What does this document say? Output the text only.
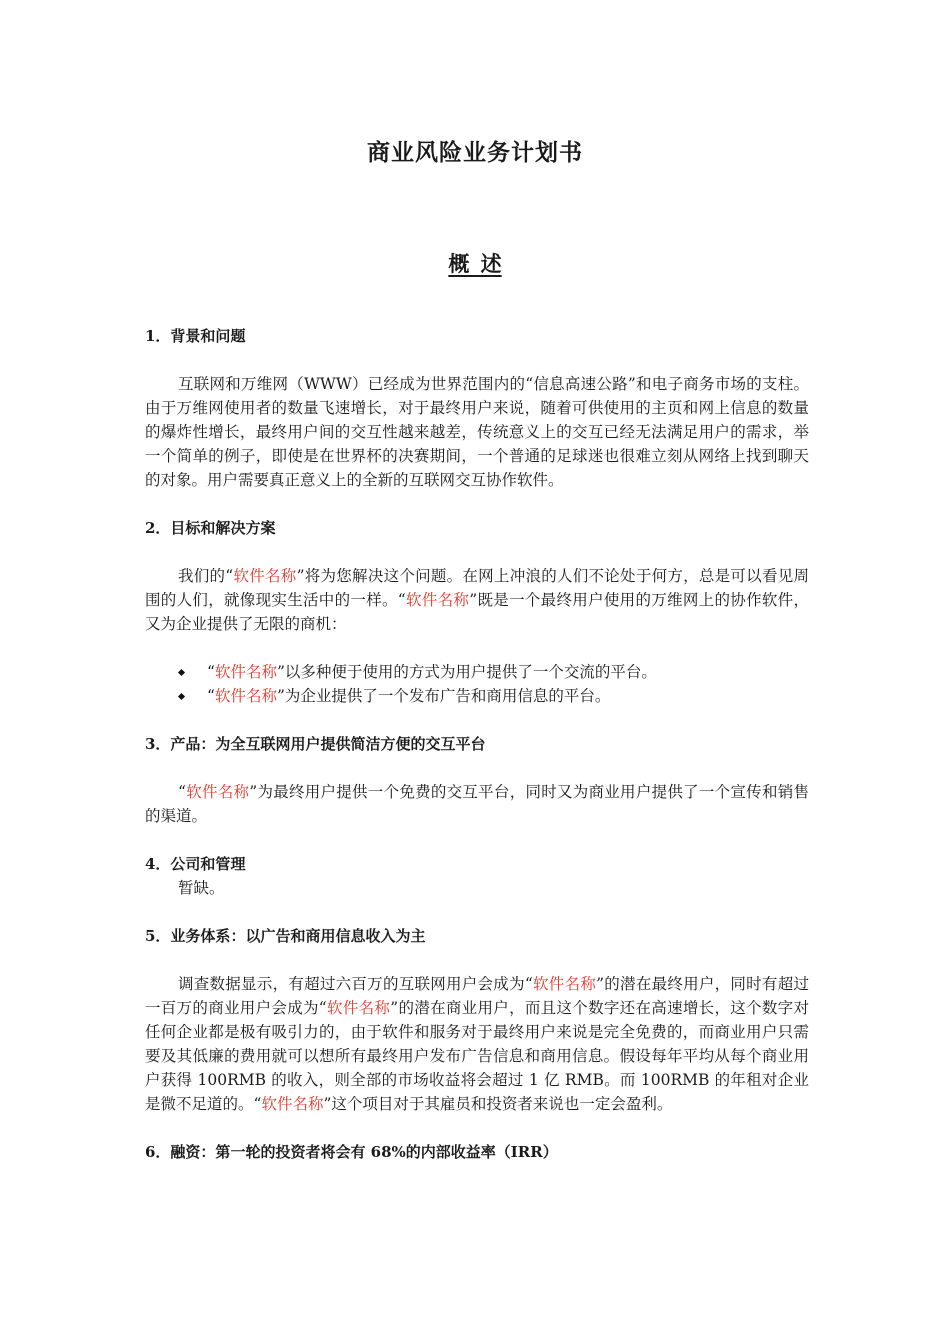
商业风险业务计划书
概 述
1．背景和问题
互联网和万维网（WWW）已经成为世界范围内的“信息高速公路”和电子商务市场的支柱。由于万维网使用者的数量飞速增长，对于最终用户来说，随着可供使用的主页和网上信息的数量的爆炸性增长，最终用户间的交互性越来越差，传统意义上的交互已经无法满足用户的需求，举一个简单的例子，即使是在世界杯的决赛期间，一个普通的足球迷也很难立刻从网络上找到聊天的对象。用户需要真正意义上的全新的互联网交互协作软件。
2．目标和解决方案
我们的“软件名称”将为您解决这个问题。在网上冲浪的人们不论处于何方，总是可以看见周围的人们，就像现实生活中的一样。“软件名称”既是一个最终用户使用的万维网上的协作软件，又为企业提供了无限的商机：
“软件名称”以多种便于使用的方式为用户提供了一个交流的平台。
“软件名称”为企业提供了一个发布广告和商用信息的平台。
3．产品：为全互联网用户提供简洁方便的交互平台
“软件名称”为最终用户提供一个免费的交互平台，同时又为商业用户提供了一个宣传和销售的渠道。
4．公司和管理
暂缺。
5．业务体系：以广告和商用信息收入为主
调查数据显示，有超过六百万的互联网用户会成为“软件名称”的潜在最终用户，同时有超过一百万的商业用户会成为“软件名称”的潜在商业用户，而且这个数字还在高速增长，这个数字对任何企业都是极有吸引力的，由于软件和服务对于最终用户来说是完全免费的，而商业用户只需要及其低廉的费用就可以想所有最终用户发布广告信息和商用信息。假设每年平均从每个商业用户获得 100RMB 的收入，则全部的市场收益将会超过 1 亿 RMB。而 100RMB 的年租对企业是微不足道的。“软件名称”这个项目对于其雇员和投资者来说也一定会盈利。
6．融资：第一轮的投资者将会有 68%的内部收益率（IRR）
